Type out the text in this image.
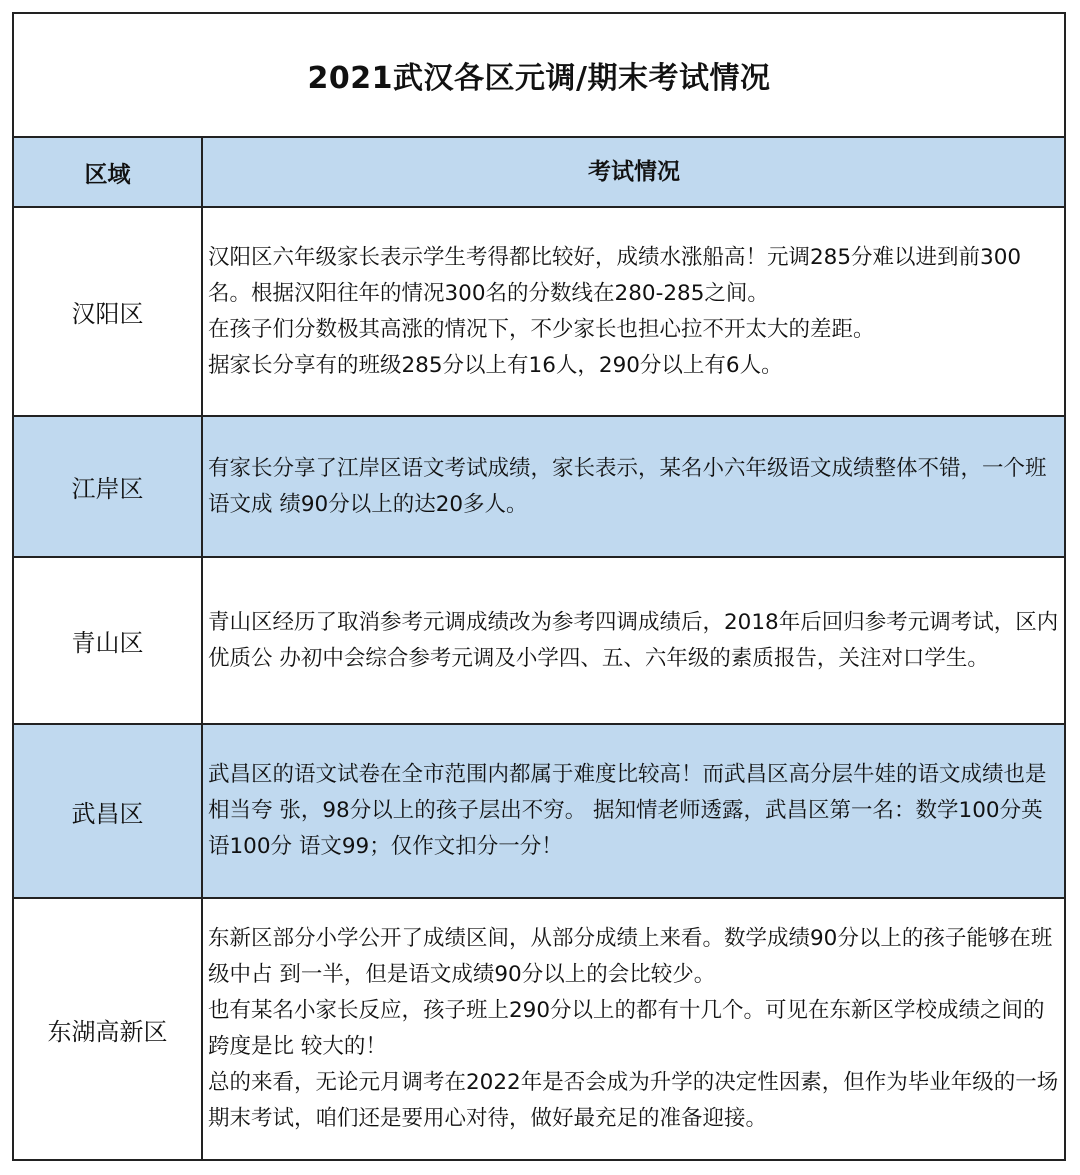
2021武汉各区元调/期末考试情况
区域	考试情况
汉阳区
汉阳区六年级家长表示学生考得都比较好，成绩水涨船高！元调285分难以进到前300名。根据汉阳往年的情况300名的分数线在280-285之间。
在孩子们分数极其高涨的情况下，不少家长也担心拉不开太大的差距。
据家长分享有的班级285分以上有16人，290分以上有6人。
江岸区
有家长分享了江岸区语文考试成绩，家长表示，某名小六年级语文成绩整体不错，一个班语文成 绩90分以上的达20多人。
青山区
青山区经历了取消参考元调成绩改为参考四调成绩后，2018年后回归参考元调考试，区内优质公 办初中会综合参考元调及小学四、五、六年级的素质报告，关注对口学生。
武昌区
武昌区的语文试卷在全市范围内都属于难度比较高！而武昌区高分层牛娃的语文成绩也是相当夸 张，98分以上的孩子层出不穷。 据知情老师透露，武昌区第一名：数学100分英语100分 语文99；仅作文扣分一分！
东湖高新区
东新区部分小学公开了成绩区间，从部分成绩上来看。数学成绩90分以上的孩子能够在班级中占 到一半，但是语文成绩90分以上的会比较少。
也有某名小家长反应，孩子班上290分以上的都有十几个。可见在东新区学校成绩之间的跨度是比 较大的！
总的来看，无论元月调考在2022年是否会成为升学的决定性因素，但作为毕业年级的一场期末考试，咱们还是要用心对待，做好最充足的准备迎接。
